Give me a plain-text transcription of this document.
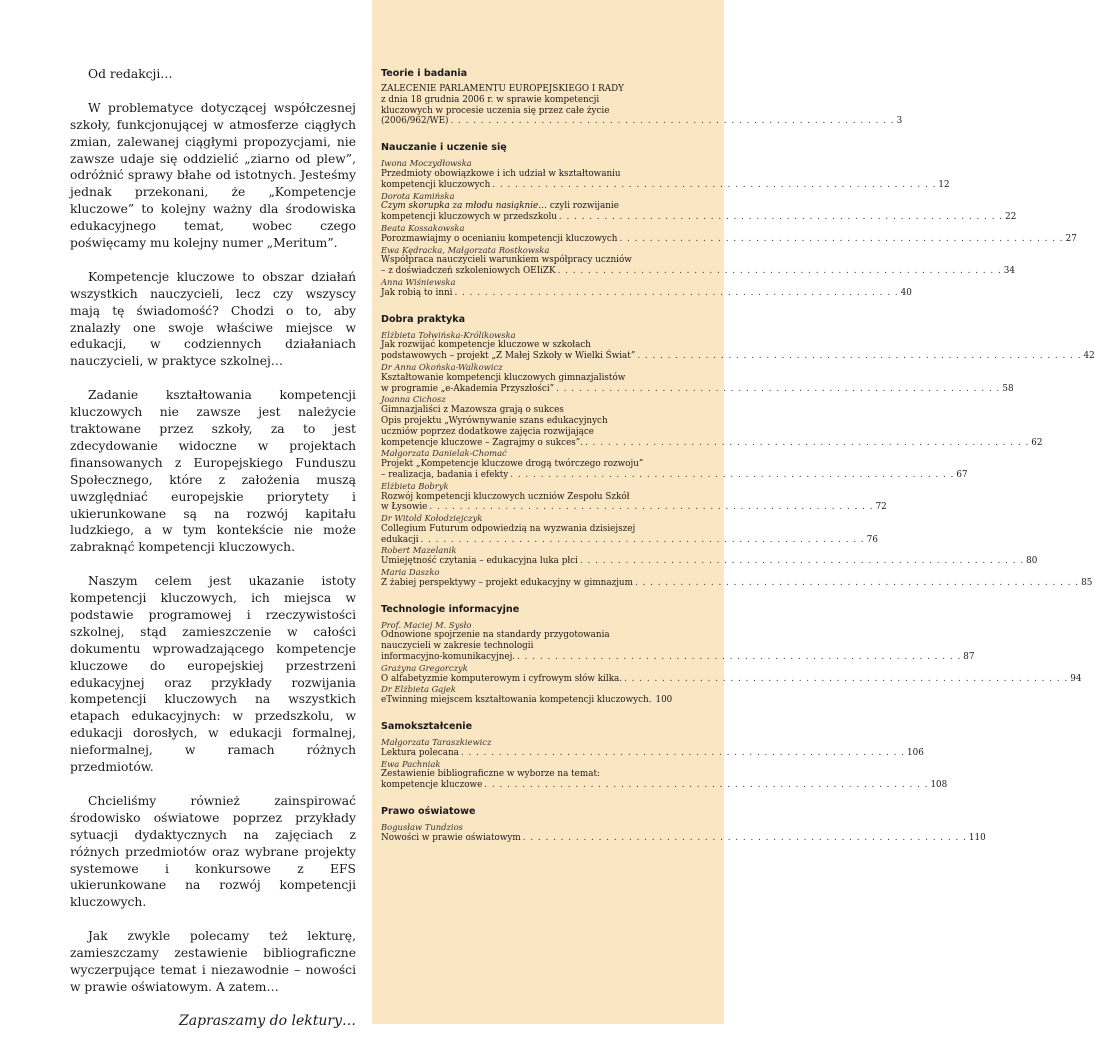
Od redakcji…

W problematyce dotyczącej współczesnej szkoły, funkcjonującej w atmosferze ciągłych zmian, zalewanej ciągłymi propozycjami, nie zawsze udaje się oddzielić „ziarno od plew”, odróżnić sprawy błahe od istotnych. Jesteśmy jednak przekonani, że „Kompetencje kluczowe” to kolejny ważny dla środowiska edukacyjnego temat, wobec czego poświęcamy mu kolejny numer „Meritum”.

Kompetencje kluczowe to obszar działań wszystkich nauczycieli, lecz czy wszyscy mają tę świadomość? Chodzi o to, aby znalazły one swoje właściwe miejsce w edukacji, w codziennych działaniach nauczycieli, w praktyce szkolnej…

Zadanie kształtowania kompetencji kluczowych nie zawsze jest należycie traktowane przez szkoły, za to jest zdecydowanie widoczne w projektach finansowanych z Europejskiego Funduszu Społecznego, które z założenia muszą uwzględniać europejskie priorytety i ukierunkowane są na rozwój kapitału ludzkiego, a w tym kontekście nie może zabraknąć kompetencji kluczowych.

Naszym celem jest ukazanie istoty kompetencji kluczowych, ich miejsca w podstawie programowej i rzeczywistości szkolnej, stąd zamieszczenie w całości dokumentu wprowadzającego kompetencje kluczowe do europejskiej przestrzeni edukacyjnej oraz przykłady rozwijania kompetencji kluczowych na wszystkich etapach edukacyjnych: w przedszkolu, w edukacji dorosłych, w edukacji formalnej, nieformalnej, w ramach różnych przedmiotów.

Chcieliśmy również zainspirować środowisko oświatowe poprzez przykłady sytuacji dydaktycznych na zajęciach z różnych przedmiotów oraz wybrane projekty systemowe i konkursowe z EFS ukierunkowane na rozwój kompetencji kluczowych.

Jak zwykle polecamy też lekturę, zamieszczamy zestawienie bibliograficzne wyczerpujące temat i niezawodnie – nowości w prawie oświatowym. A zatem…

Zapraszamy do lektury…

Teorie i badania
ZALECENIE PARLAMENTU EUROPEJSKIEGO I RADY
z dnia 18 grudnia 2006 r. w sprawie kompetencji
kluczowych w procesie uczenia się przez całe życie
(2006/962/WE) . . . . . . . . . . . . . . . . . . . . . . . . . . . . . . . . . . . . . . . . . . . . . . . . . . . . . . . . . . . 3
Nauczanie i uczenie się
Iwona Moczydłowska
Przedmioty obowiązkowe i ich udział w kształtowaniu
kompetencji kluczowych . . . . . . . . . . . . . . . . . . . . . . . . . . . . . . . . . . . . . . . . . . . . . . . . . . . . . . . . . . . 12
Dorota Kamińska
Czym skorupka za młodu nasiąknie… czyli rozwijanie
kompetencji kluczowych w przedszkolu . . . . . . . . . . . . . . . . . . . . . . . . . . . . . . . . . . . . . . . . . . . . . . . . . . . . . . . . . . . 22
Beata Kossakowska
Porozmawiajmy o ocenianiu kompetencji kluczowych . . . . . . . . . . . . . . . . . . . . . . . . . . . . . . . . . . . . . . . . . . . . . . . . . . . . . . . . . . . 27
Ewa Kędracka, Małgorzata Rostkowska
Współpraca nauczycieli warunkiem współpracy uczniów
– z doświadczeń szkoleniowych OEIiZK . . . . . . . . . . . . . . . . . . . . . . . . . . . . . . . . . . . . . . . . . . . . . . . . . . . . . . . . . . . 34
Anna Wiśniewska
Jak robią to inni . . . . . . . . . . . . . . . . . . . . . . . . . . . . . . . . . . . . . . . . . . . . . . . . . . . . . . . . . . . 40
Dobra praktyka
Elżbieta Tołwińska-Królikowska
Jak rozwijać kompetencje kluczowe w szkołach
podstawowych – projekt „Z Małej Szkoły w Wielki Świat” . . . . . . . . . . . . . . . . . . . . . . . . . . . . . . . . . . . . . . . . . . . . . . . . . . . . . . . . . . . 42
Dr Anna Okońska-Walkowicz
Kształtowanie kompetencji kluczowych gimnazjalistów
w programie „e-Akademia Przyszłości” . . . . . . . . . . . . . . . . . . . . . . . . . . . . . . . . . . . . . . . . . . . . . . . . . . . . . . . . . . . 58
Joanna Cichosz
Gimnazjaliści z Mazowsza grają o sukces
Opis projektu „Wyrównywanie szans edukacyjnych
uczniów poprzez dodatkowe zajęcia rozwijające
kompetencje kluczowe – Zagrajmy o sukces”. . . . . . . . . . . . . . . . . . . . . . . . . . . . . . . . . . . . . . . . . . . . . . . . . . . . . . . . . . . . 62
Małgorzata Danielak-Chomać
Projekt „Kompetencje kluczowe drogą twórczego rozwoju”
– realizacja, badania i efekty . . . . . . . . . . . . . . . . . . . . . . . . . . . . . . . . . . . . . . . . . . . . . . . . . . . . . . . . . . . 67
Elżbieta Bobryk
Rozwój kompetencji kluczowych uczniów Zespołu Szkół
w Łysowie . . . . . . . . . . . . . . . . . . . . . . . . . . . . . . . . . . . . . . . . . . . . . . . . . . . . . . . . . . . 72
Dr Witold Kołodziejczyk
Collegium Futurum odpowiedzią na wyzwania dzisiejszej
edukacji . . . . . . . . . . . . . . . . . . . . . . . . . . . . . . . . . . . . . . . . . . . . . . . . . . . . . . . . . . . 76
Robert Mazelanik
Umiejętność czytania – edukacyjna luka płci . . . . . . . . . . . . . . . . . . . . . . . . . . . . . . . . . . . . . . . . . . . . . . . . . . . . . . . . . . . 80
Maria Daszko
Z żabiej perspektywy – projekt edukacyjny w gimnazjum . . . . . . . . . . . . . . . . . . . . . . . . . . . . . . . . . . . . . . . . . . . . . . . . . . . . . . . . . . . 85
Technologie informacyjne
Prof. Maciej M. Sysło
Odnowione spojrzenie na standardy przygotowania
nauczycieli w zakresie technologii
informacyjno-komunikacyjnej. . . . . . . . . . . . . . . . . . . . . . . . . . . . . . . . . . . . . . . . . . . . . . . . . . . . . . . . . . . . 87
Grażyna Gregorczyk
O alfabetyzmie komputerowym i cyfrowym słów kilka. . . . . . . . . . . . . . . . . . . . . . . . . . . . . . . . . . . . . . . . . . . . . . . . . . . . . . . . . . . . 94
Dr Elżbieta Gajek
eTwinning miejscem kształtowania kompetencji kluczowych. 100
Samokształcenie
Małgorzata Taraszkiewicz
Lektura polecana . . . . . . . . . . . . . . . . . . . . . . . . . . . . . . . . . . . . . . . . . . . . . . . . . . . . . . . . . . . 106
Ewa Pachniak
Zestawienie bibliograficzne w wyborze na temat:
kompetencje kluczowe . . . . . . . . . . . . . . . . . . . . . . . . . . . . . . . . . . . . . . . . . . . . . . . . . . . . . . . . . . . 108
Prawo oświatowe
Bogusław Tundzios
Nowości w prawie oświatowym . . . . . . . . . . . . . . . . . . . . . . . . . . . . . . . . . . . . . . . . . . . . . . . . . . . . . . . . . . . 110
